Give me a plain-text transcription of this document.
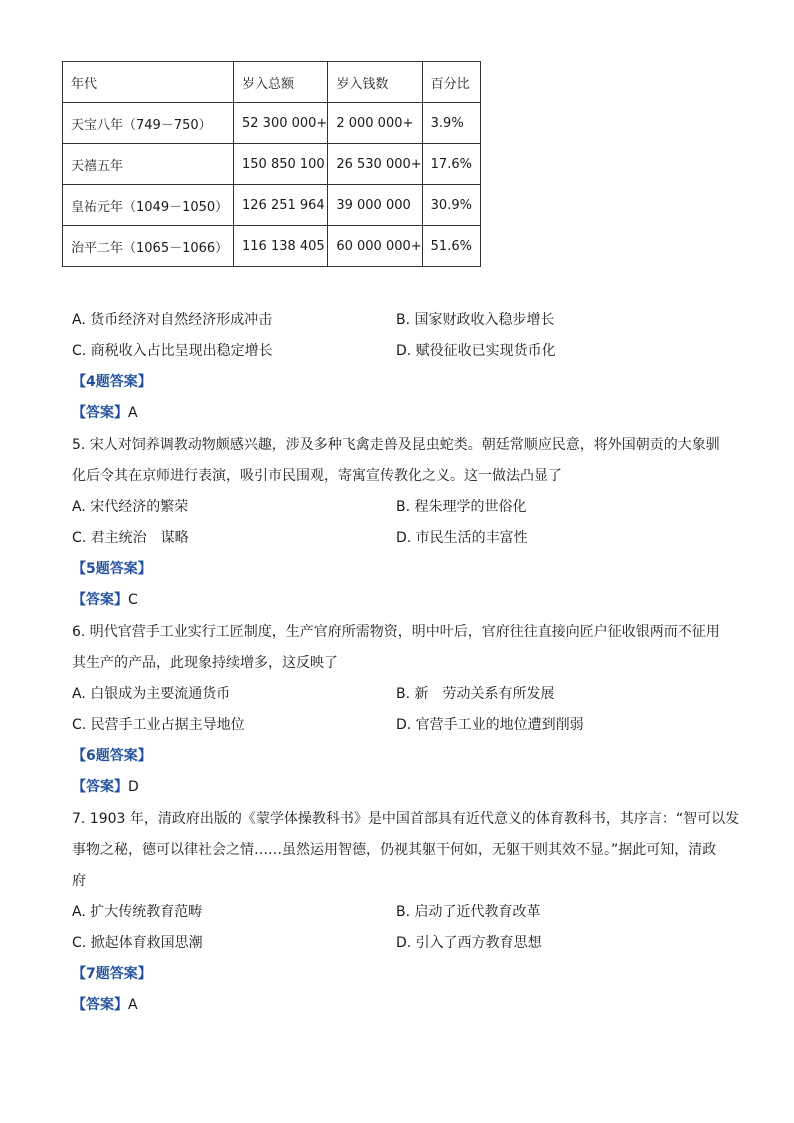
年代	岁入总额	岁入钱数	百分比
天宝八年（749－750）	52 300 000+	2 000 000+	3.9%
天禧五年	150 850 100	26 530 000+	17.6%
皇祐元年（1049－1050）	126 251 964	39 000 000	30.9%
治平二年（1065－1066）	116 138 405	60 000 000+	51.6%
A. 货币经济对自然经济形成冲击	B. 国家财政收入稳步增长
C. 商税收入占比呈现出稳定增长	D. 赋役征收已实现货币化
【4题答案】
【答案】A
5. 宋人对饲养调教动物颇感兴趣，涉及多种飞禽走兽及昆虫蛇类。朝廷常顺应民意，将外国朝贡的大象驯
化后令其在京师进行表演，吸引市民围观，寄寓宣传教化之义。这一做法凸显了
A. 宋代经济的繁荣	B. 程朱理学的世俗化
C. 君主统治　谋略	D. 市民生活的丰富性
【5题答案】
【答案】C
6. 明代官营手工业实行工匠制度，生产官府所需物资，明中叶后，官府往往直接向匠户征收银两而不征用
其生产的产品，此现象持续增多，这反映了
A. 白银成为主要流通货币	B. 新　劳动关系有所发展
C. 民营手工业占据主导地位	D. 官营手工业的地位遭到削弱
【6题答案】
【答案】D
7. 1903 年，清政府出版的《蒙学体操教科书》是中国首部具有近代意义的体育教科书，其序言：“智可以发
事物之秘，德可以律社会之情……虽然运用智德，仍视其躯干何如，无躯干则其效不显。”据此可知，清政
府
A. 扩大传统教育范畴	B. 启动了近代教育改革
C. 掀起体育救国思潮	D. 引入了西方教育思想
【7题答案】
【答案】A
